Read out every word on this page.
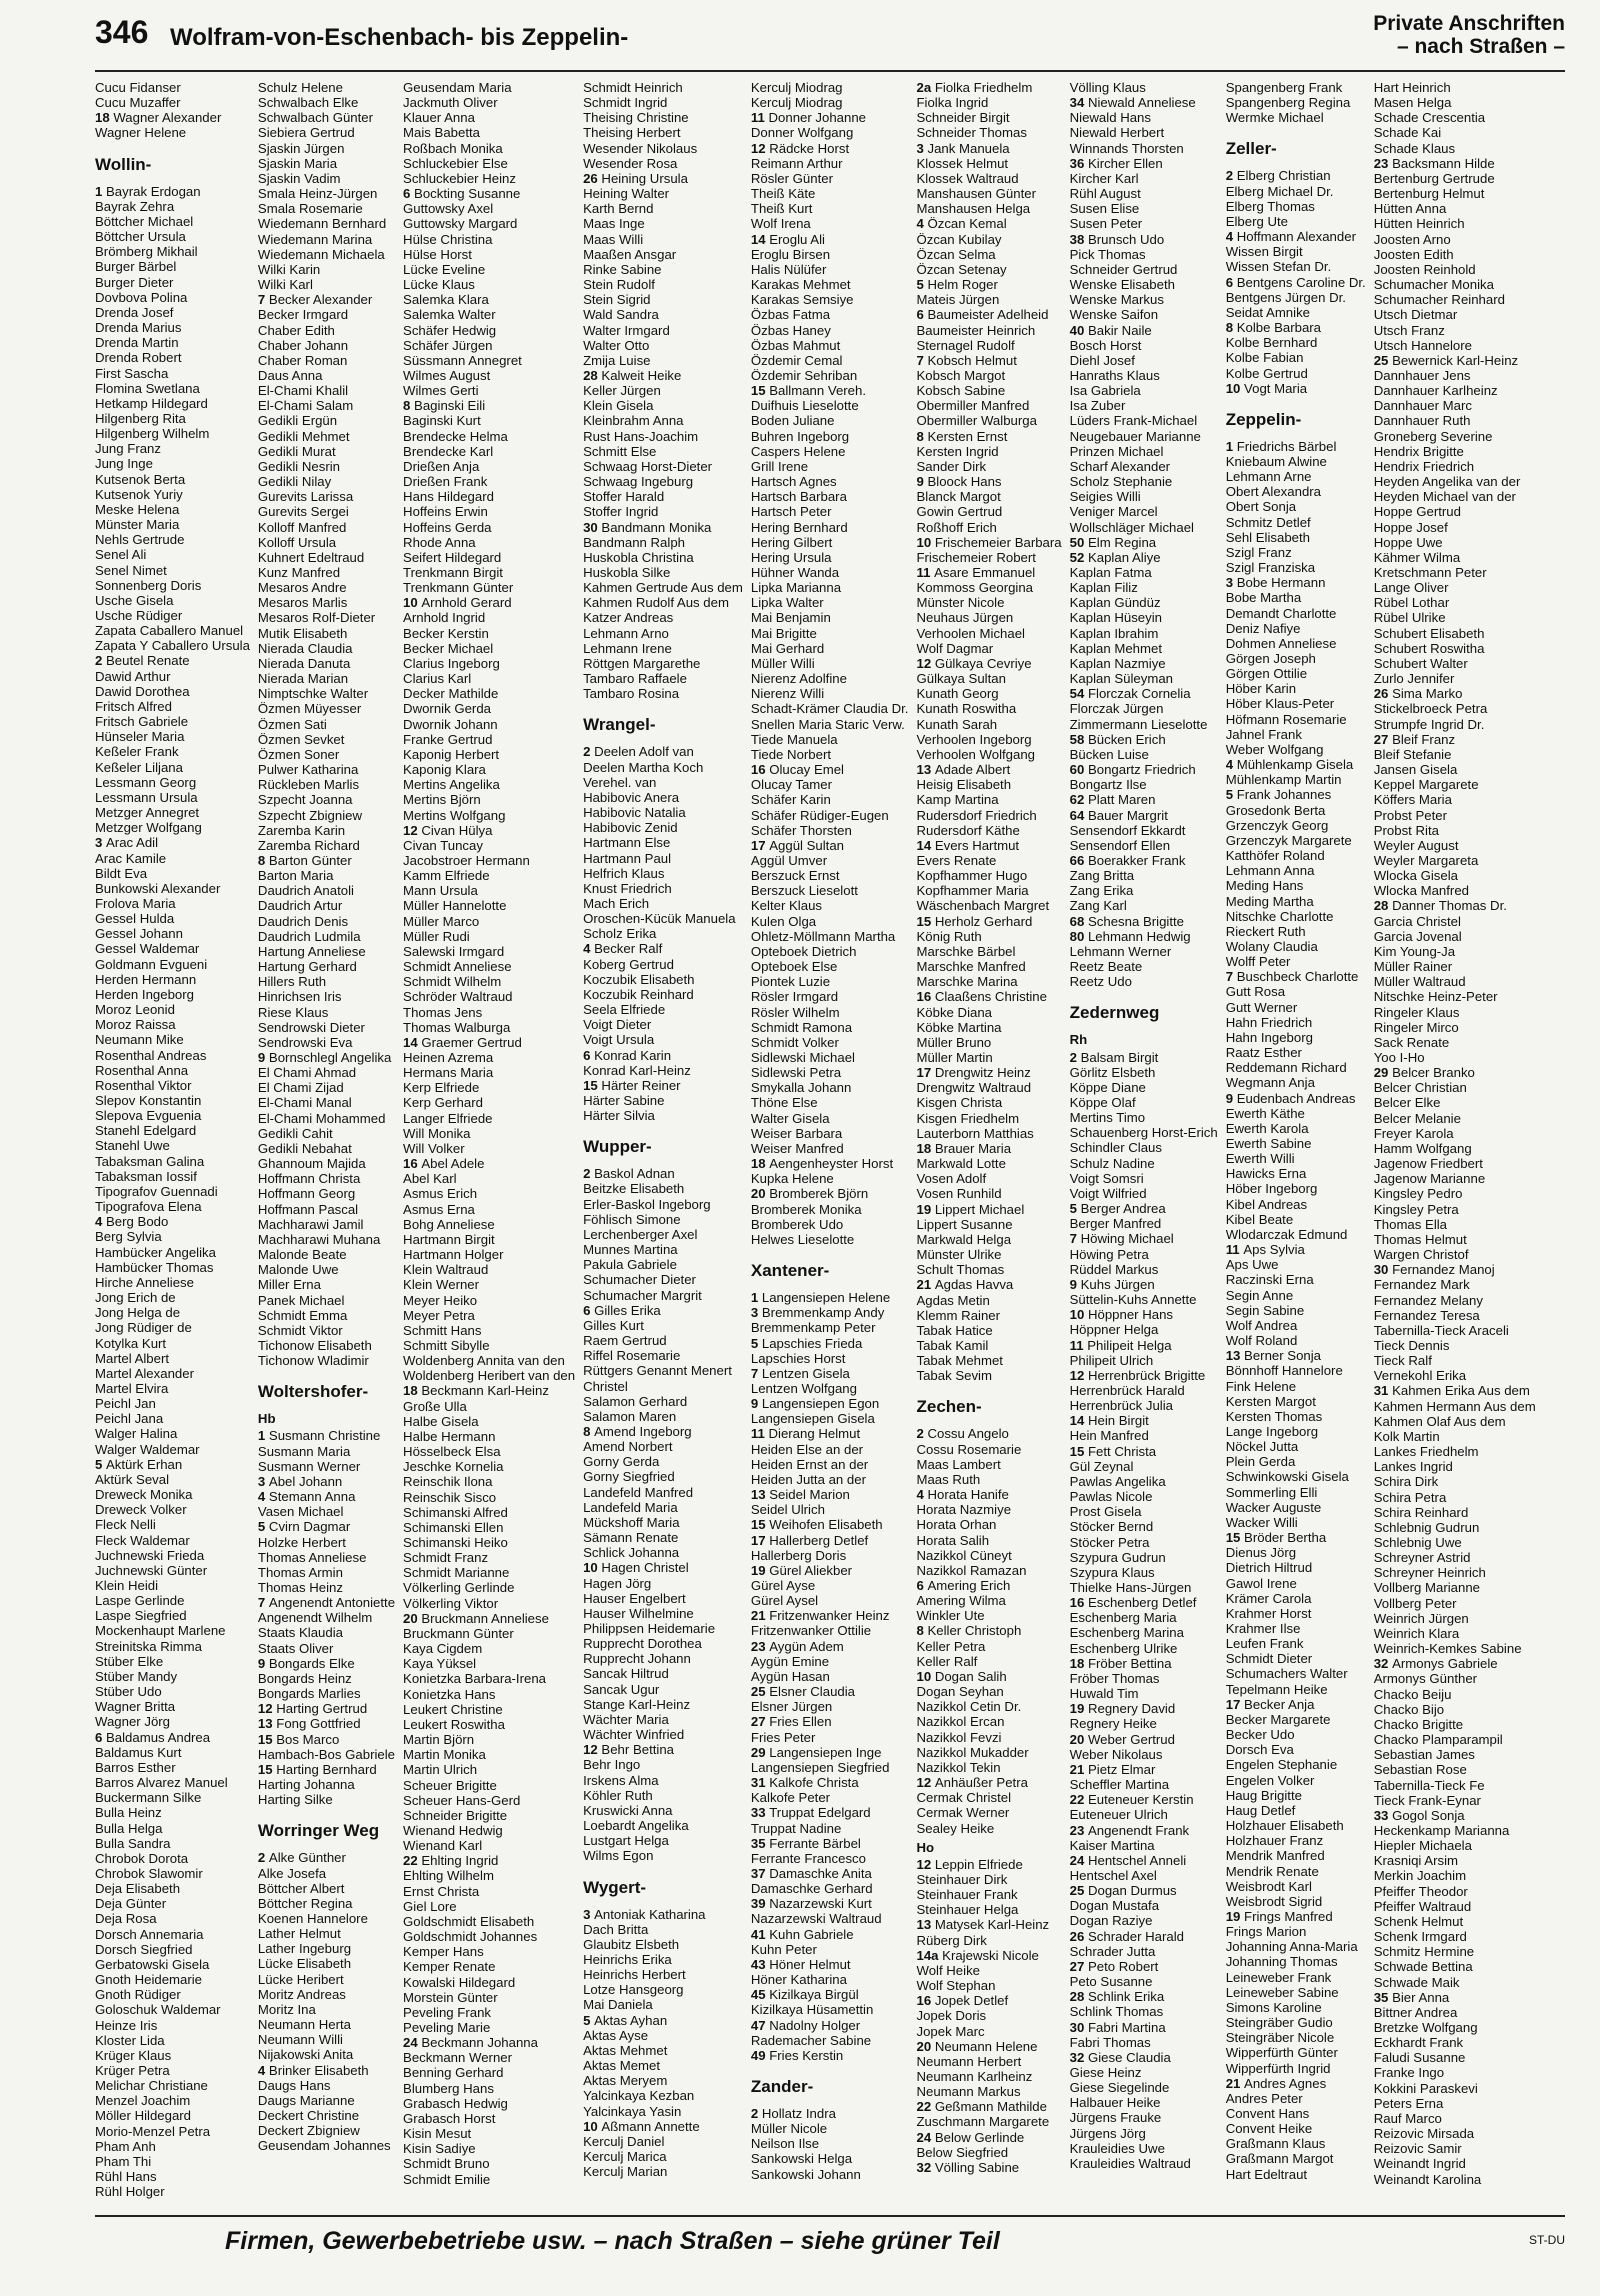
346 Wolfram-von-Eschenbach- bis Zeppelin-
Private Anschriften
– nach Straßen –
Cucu Fidanser
Cucu Muzaffer
18 Wagner Alexander
Wagner Helene
Wollin-
1 Bayrak Erdogan
Bayrak Zehra
Böttcher Michael
Böttcher Ursula
Brömberg Mikhail
Burger Bärbel
Burger Dieter
Dovbova Polina
Drenda Josef
Drenda Marius
Drenda Martin
Drenda Robert
First Sascha
Flomina Swetlana
Hetkamp Hildegard
Hilgenberg Rita
Hilgenberg Wilhelm
Jung Franz
Jung Inge
Kutsenok Berta
Kutsenok Yuriy
Meske Helena
Münster Maria
Nehls Gertrude
Senel Ali
Senel Nimet
Sonnenberg Doris
Usche Gisela
Usche Rüdiger
Zapata Caballero Manuel
Zapata Y Caballero Ursula
2 Beutel Renate
Dawid Arthur
Dawid Dorothea
Fritsch Alfred
Fritsch Gabriele
Hünseler Maria
Keßeler Frank
Keßeler Liljana
Lessmann Georg
Lessmann Ursula
Metzger Annegret
Metzger Wolfgang
3 Arac Adil
Arac Kamile
Bildt Eva
Bunkowski Alexander
Frolova Maria
Gessel Hulda
Gessel Johann
Gessel Waldemar
Goldmann Evgueni
Herden Hermann
Herden Ingeborg
Moroz Leonid
Moroz Raissa
Neumann Mike
Rosenthal Andreas
Rosenthal Anna
Rosenthal Viktor
Slepov Konstantin
Slepova Evguenia
Stanehl Edelgard
Stanehl Uwe
Tabaksman Galina
Tabaksman Iossif
Tipografov Guennadi
Tipografova Elena
4 Berg Bodo
Berg Sylvia
Hambücker Angelika
Hambücker Thomas
Hirche Anneliese
Jong Erich de
Jong Helga de
Jong Rüdiger de
Kotylka Kurt
Martel Albert
Martel Alexander
Martel Elvira
Peichl Jan
Peichl Jana
Walger Halina
Walger Waldemar
5 Aktürk Erhan
Aktürk Seval
Dreweck Monika
Dreweck Volker
Fleck Nelli
Fleck Waldemar
Juchnewski Frieda
Juchnewski Günter
Klein Heidi
Laspe Gerlinde
Laspe Siegfried
Mockenhaupt Marlene
Streinitska Rimma
Stüber Elke
Stüber Mandy
Stüber Udo
Wagner Britta
Wagner Jörg
6 Baldamus Andrea
Baldamus Kurt
Barros Esther
Barros Alvarez Manuel
Buckermann Silke
Bulla Heinz
Bulla Helga
Bulla Sandra
Chrobok Dorota
Chrobok Slawomir
Deja Elisabeth
Deja Günter
Deja Rosa
Dorsch Annemaria
Dorsch Siegfried
Gerbatowski Gisela
Gnoth Heidemarie
Gnoth Rüdiger
Goloschuk Waldemar
Heinze Iris
Kloster Lida
Krüger Klaus
Krüger Petra
Melichar Christiane
Menzel Joachim
Möller Hildegard
Morio-Menzel Petra
Pham Anh
Pham Thi
Rühl Hans
Rühl Holger
Schulz Helene
Schwalbach Elke
Schwalbach Günter
Siebiera Gertrud
Sjaskin Jürgen
Sjaskin Maria
Sjaskin Vadim
Smala Heinz-Jürgen
Smala Rosemarie
Wiedemann Bernhard
Wiedemann Marina
Wiedemann Michaela
Wilki Karin
Wilki Karl
7 Becker Alexander
Becker Irmgard
Chaber Edith
Chaber Johann
Chaber Roman
Daus Anna
El-Chami Khalil
El-Chami Salam
Gedikli Ergün
Gedikli Mehmet
Gedikli Murat
Gedikli Nesrin
Gedikli Nilay
Gurevits Larissa
Gurevits Sergei
Kolloff Manfred
Kolloff Ursula
Kuhnert Edeltraud
Kunz Manfred
Mesaros Andre
Mesaros Marlis
Mesaros Rolf-Dieter
Mutik Elisabeth
Nierada Claudia
Nierada Danuta
Nierada Marian
Nimptschke Walter
Özmen Müyesser
Özmen Sati
Özmen Sevket
Özmen Soner
Pulwer Katharina
Rückleben Marlis
Szpecht Joanna
Szpecht Zbigniew
Zaremba Karin
Zaremba Richard
8 Barton Günter
Barton Maria
Daudrich Anatoli
Daudrich Artur
Daudrich Denis
Daudrich Ludmila
Hartung Anneliese
Hartung Gerhard
Hillers Ruth
Hinrichsen Iris
Riese Klaus
Sendrowski Dieter
Sendrowski Eva
9 Bornschlegl Angelika
El Chami Ahmad
El Chami Zijad
El-Chami Manal
El-Chami Mohammed
Gedikli Cahit
Gedikli Nebahat
Ghannoum Majida
Hoffmann Christa
Hoffmann Georg
Hoffmann Pascal
Machharawi Jamil
Machharawi Muhana
Malonde Beate
Malonde Uwe
Miller Erna
Panek Michael
Schmidt Emma
Schmidt Viktor
Tichonow Elisabeth
Tichonow Wladimir
Woltershofer-
Hb
1 Susmann Christine
Susmann Maria
Susmann Werner
3 Abel Johann
4 Stemann Anna
Vasen Michael
5 Cvirn Dagmar
Holzke Herbert
Thomas Anneliese
Thomas Armin
Thomas Heinz
7 Angenendt Antoniette
Angenendt Wilhelm
Staats Klaudia
Staats Oliver
9 Bongards Elke
Bongards Heinz
Bongards Marlies
12 Harting Gertrud
13 Fong Gottfried
15 Bos Marco
Hambach-Bos Gabriele
15 Harting Bernhard
Harting Johanna
Harting Silke
Worringer Weg
2 Alke Günther
Alke Josefa
Böttcher Albert
Böttcher Regina
Koenen Hannelore
Lather Helmut
Lather Ingeburg
Lücke Elisabeth
Lücke Heribert
Moritz Andreas
Moritz Ina
Neumann Herta
Neumann Willi
Nijakowski Anita
4 Brinker Elisabeth
Daugs Hans
Daugs Marianne
Deckert Christine
Deckert Zbigniew
Geusendam Johannes
Geusendam Maria
Jackmuth Oliver
Klauer Anna
Mais Babetta
Roßbach Monika
Schluckebier Else
Schluckebier Heinz
6 Bockting Susanne
Guttowsky Axel
Guttowsky Margard
Hülse Christina
Hülse Horst
Lücke Eveline
Lücke Klaus
Salemka Klara
Salemka Walter
Schäfer Hedwig
Schäfer Jürgen
Süssmann Annegret
Wilmes August
Wilmes Gerti
8 Baginski Eili
Baginski Kurt
Brendecke Helma
Brendecke Karl
Drießen Anja
Drießen Frank
Hans Hildegard
Hoffeins Erwin
Hoffeins Gerda
Rhode Anna
Seifert Hildegard
Trenkmann Birgit
Trenkmann Günter
10 Arnhold Gerard
Arnhold Ingrid
Becker Kerstin
Becker Michael
Clarius Ingeborg
Clarius Karl
Decker Mathilde
Dwornik Gerda
Dwornik Johann
Franke Gertrud
Kaponig Herbert
Kaponig Klara
Mertins Angelika
Mertins Björn
Mertins Wolfgang
12 Civan Hülya
Civan Tuncay
Jacobstroer Hermann
Kamm Elfriede
Mann Ursula
Müller Hannelotte
Müller Marco
Müller Rudi
Salewski Irmgard
Schmidt Anneliese
Schmidt Wilhelm
Schröder Waltraud
Thomas Jens
Thomas Walburga
14 Graemer Gertrud
Heinen Azrema
Hermans Maria
Kerp Elfriede
Kerp Gerhard
Langer Elfriede
Will Monika
Will Volker
16 Abel Adele
Abel Karl
Asmus Erich
Asmus Erna
Bohg Anneliese
Hartmann Birgit
Hartmann Holger
Klein Waltraud
Klein Werner
Meyer Heiko
Meyer Petra
Schmitt Hans
Schmitt Sibylle
Woldenberg Annita van den
Woldenberg Heribert van den
18 Beckmann Karl-Heinz
Große Ulla
Halbe Gisela
Halbe Hermann
Hösselbeck Elsa
Jeschke Kornelia
Reinschik Ilona
Reinschik Sisco
Schimanski Alfred
Schimanski Ellen
Schimanski Heiko
Schmidt Franz
Schmidt Marianne
Völkerling Gerlinde
Völkerling Viktor
20 Bruckmann Anneliese
Bruckmann Günter
Kaya Cigdem
Kaya Yüksel
Konietzka Barbara-Irena
Konietzka Hans
Leukert Christine
Leukert Roswitha
Martin Björn
Martin Monika
Martin Ulrich
Scheuer Brigitte
Scheuer Hans-Gerd
Schneider Brigitte
Wienand Hedwig
Wienand Karl
22 Ehlting Ingrid
Ehlting Wilhelm
Ernst Christa
Giel Lore
Goldschmidt Elisabeth
Goldschmidt Johannes
Kemper Hans
Kemper Renate
Kowalski Hildegard
Morstein Günter
Peveling Frank
Peveling Marie
24 Beckmann Johanna
Beckmann Werner
Benning Gerhard
Blumberg Hans
Grabasch Hedwig
Grabasch Horst
Kisin Mesut
Kisin Sadiye
Schmidt Bruno
Schmidt Emilie
Schmidt Heinrich
Schmidt Ingrid
Theising Christine
Theising Herbert
Wesender Nikolaus
Wesender Rosa
26 Heining Ursula
Heining Walter
Karth Bernd
Maas Inge
Maas Willi
Maaßen Ansgar
Rinke Sabine
Stein Rudolf
Stein Sigrid
Wald Sandra
Walter Irmgard
Walter Otto
Zmija Luise
28 Kalweit Heike
Keller Jürgen
Klein Gisela
Kleinbrahm Anna
Rust Hans-Joachim
Schmitt Else
Schwaag Horst-Dieter
Schwaag Ingeburg
Stoffer Harald
Stoffer Ingrid
30 Bandmann Monika
Bandmann Ralph
Huskobla Christina
Huskobla Silke
Kahmen Gertrude Aus dem
Kahmen Rudolf Aus dem
Katzer Andreas
Lehmann Arno
Lehmann Irene
Röttgen Margarethe
Tambaro Raffaele
Tambaro Rosina
Wrangel-
2 Deelen Adolf van
Deelen Martha Koch
Verehel. van
Habibovic Anera
Habibovic Natalia
Habibovic Zenid
Hartmann Else
Hartmann Paul
Helfrich Klaus
Knust Friedrich
Mach Erich
Oroschen-Kücük Manuela
Scholz Erika
4 Becker Ralf
Koberg Gertrud
Koczubik Elisabeth
Koczubik Reinhard
Seela Elfriede
Voigt Dieter
Voigt Ursula
6 Konrad Karin
Konrad Karl-Heinz
15 Härter Reiner
Härter Sabine
Härter Silvia
Wupper-
2 Baskol Adnan
Beitzke Elisabeth
Erler-Baskol Ingeborg
Föhlisch Simone
Lerchenberger Axel
Munnes Martina
Pakula Gabriele
Schumacher Dieter
Schumacher Margrit
6 Gilles Erika
Gilles Kurt
Raem Gertrud
Riffel Rosemarie
Rüttgers Genannt Menert
Christel
Salamon Gerhard
Salamon Maren
8 Amend Ingeborg
Amend Norbert
Gorny Gerda
Gorny Siegfried
Landefeld Manfred
Landefeld Maria
Mückshoff Maria
Sämann Renate
Schlick Johanna
10 Hagen Christel
Hagen Jörg
Hauser Engelbert
Hauser Wilhelmine
Philippsen Heidemarie
Rupprecht Dorothea
Rupprecht Johann
Sancak Hiltrud
Sancak Ugur
Stange Karl-Heinz
Wächter Maria
Wächter Winfried
12 Behr Bettina
Behr Ingo
Irskens Alma
Köhler Ruth
Kruswicki Anna
Loebardt Angelika
Lustgart Helga
Wilms Egon
Wygert-
3 Antoniak Katharina
Dach Britta
Glaubitz Elsbeth
Heinrichs Erika
Heinrichs Herbert
Lotze Hansgeorg
Mai Daniela
5 Aktas Ayhan
Aktas Ayse
Aktas Mehmet
Aktas Memet
Aktas Meryem
Yalcinkaya Kezban
Yalcinkaya Yasin
10 Aßmann Annette
Kerculj Daniel
Kerculj Marica
Kerculj Marian
Kerculj Miodrag
Kerculj Miodrag
11 Donner Johanne
Donner Wolfgang
12 Rädcke Horst
Reimann Arthur
Rösler Günter
Theiß Käte
Theiß Kurt
Wolf Irena
14 Eroglu Ali
Eroglu Birsen
Halis Nülüfer
Karakas Mehmet
Karakas Semsiye
Özbas Fatma
Özbas Haney
Özbas Mahmut
Özdemir Cemal
Özdemir Sehriban
15 Ballmann Vereh.
Duifhuis Lieselotte
Boden Juliane
Buhren Ingeborg
Caspers Helene
Grill Irene
Hartsch Agnes
Hartsch Barbara
Hartsch Peter
Hering Bernhard
Hering Gilbert
Hering Ursula
Hühner Wanda
Lipka Marianna
Lipka Walter
Mai Benjamin
Mai Brigitte
Mai Gerhard
Müller Willi
Nierenz Adolfine
Nierenz Willi
Schadt-Krämer Claudia Dr.
Snellen Maria Staric Verw.
Tiede Manuela
Tiede Norbert
16 Olucay Emel
Olucay Tamer
Schäfer Karin
Schäfer Rüdiger-Eugen
Schäfer Thorsten
17 Aggül Sultan
Aggül Umver
Berszuck Ernst
Berszuck Lieselott
Kelter Klaus
Kulen Olga
Ohletz-Möllmann Martha
Opteboek Dietrich
Opteboek Else
Piontek Luzie
Rösler Irmgard
Rösler Wilhelm
Schmidt Ramona
Schmidt Volker
Sidlewski Michael
Sidlewski Petra
Smykalla Johann
Thöne Else
Walter Gisela
Weiser Barbara
Weiser Manfred
18 Aengenheyster Horst
Kupka Helene
20 Bromberek Björn
Bromberek Monika
Bromberek Udo
Helwes Lieselotte
Xantener-
1 Langensiepen Helene
3 Bremmenkamp Andy
Bremmenkamp Peter
5 Lapschies Frieda
Lapschies Horst
7 Lentzen Gisela
Lentzen Wolfgang
9 Langensiepen Egon
Langensiepen Gisela
11 Dierang Helmut
Heiden Else an der
Heiden Ernst an der
Heiden Jutta an der
13 Seidel Marion
Seidel Ulrich
15 Weihofen Elisabeth
17 Hallerberg Detlef
Hallerberg Doris
19 Gürel Aliekber
Gürel Ayse
Gürel Aysel
21 Fritzenwanker Heinz
Fritzenwanker Ottilie
23 Aygün Adem
Aygün Emine
Aygün Hasan
25 Elsner Claudia
Elsner Jürgen
27 Fries Ellen
Fries Peter
29 Langensiepen Inge
Langensiepen Siegfried
31 Kalkofe Christa
Kalkofe Peter
33 Truppat Edelgard
Truppat Nadine
35 Ferrante Bärbel
Ferrante Francesco
37 Damaschke Anita
Damaschke Gerhard
39 Nazarzewski Kurt
Nazarzewski Waltraud
41 Kuhn Gabriele
Kuhn Peter
43 Höner Helmut
Höner Katharina
45 Kizilkaya Birgül
Kizilkaya Hüsamettin
47 Nadolny Holger
Rademacher Sabine
49 Fries Kerstin
Zander-
2 Hollatz Indra
Müller Nicole
Neilson Ilse
Sankowski Helga
Sankowski Johann
2a Fiolka Friedhelm
Fiolka Ingrid
Schneider Birgit
Schneider Thomas
3 Jank Manuela
Klossek Helmut
Klossek Waltraud
Manshausen Günter
Manshausen Helga
4 Özcan Kemal
Özcan Kubilay
Özcan Selma
Özcan Setenay
5 Helm Roger
Mateis Jürgen
6 Baumeister Adelheid
Baumeister Heinrich
Sternagel Rudolf
7 Kobsch Helmut
Kobsch Margot
Kobsch Sabine
Obermiller Manfred
Obermiller Walburga
8 Kersten Ernst
Kersten Ingrid
Sander Dirk
9 Bloock Hans
Blanck Margot
Gowin Gertrud
Roßhoff Erich
10 Frischemeier Barbara
Frischemeier Robert
11 Asare Emmanuel
Kommoss Georgina
Münster Nicole
Neuhaus Jürgen
Verhoolen Michael
Wolf Dagmar
12 Gülkaya Cevriye
Gülkaya Sultan
Kunath Georg
Kunath Roswitha
Kunath Sarah
Verhoolen Ingeborg
Verhoolen Wolfgang
13 Adade Albert
Heisig Elisabeth
Kamp Martina
Rudersdorf Friedrich
Rudersdorf Käthe
14 Evers Hartmut
Evers Renate
Kopfhammer Hugo
Kopfhammer Maria
Wäschenbach Margret
15 Herholz Gerhard
König Ruth
Marschke Bärbel
Marschke Manfred
Marschke Marina
16 Claaßens Christine
Köbke Diana
Köbke Martina
Müller Bruno
Müller Martin
17 Drengwitz Heinz
Drengwitz Waltraud
Kisgen Christa
Kisgen Friedhelm
Lauterborn Matthias
18 Brauer Maria
Markwald Lotte
Vosen Adolf
Vosen Runhild
19 Lippert Michael
Lippert Susanne
Markwald Helga
Münster Ulrike
Schult Thomas
21 Agdas Havva
Agdas Metin
Klemm Rainer
Tabak Hatice
Tabak Kamil
Tabak Mehmet
Tabak Sevim
Zechen-
2 Cossu Angelo
Cossu Rosemarie
Maas Lambert
Maas Ruth
4 Horata Hanife
Horata Nazmiye
Horata Orhan
Horata Salih
Nazikkol Cüneyt
Nazikkol Ramazan
6 Amering Erich
Amering Wilma
Winkler Ute
8 Keller Christoph
Keller Petra
Keller Ralf
10 Dogan Salih
Dogan Seyhan
Nazikkol Cetin Dr.
Nazikkol Ercan
Nazikkol Fevzi
Nazikkol Mukadder
Nazikkol Tekin
12 Anhäußer Petra
Cermak Christel
Cermak Werner
Sealey Heike
Ho
12 Leppin Elfriede
Steinhauer Dirk
Steinhauer Frank
Steinhauer Helga
13 Matysek Karl-Heinz
Rüberg Dirk
14a Krajewski Nicole
Wolf Heike
Wolf Stephan
16 Jopek Detlef
Jopek Doris
Jopek Marc
20 Neumann Helene
Neumann Herbert
Neumann Karlheinz
Neumann Markus
22 Geßmann Mathilde
Zuschmann Margarete
24 Below Gerlinde
Below Siegfried
32 Völling Sabine
Völling Klaus
34 Niewald Anneliese
Niewald Hans
Niewald Herbert
Winnands Thorsten
36 Kircher Ellen
Kircher Karl
Rühl August
Susen Elise
Susen Peter
38 Brunsch Udo
Pick Thomas
Schneider Gertrud
Wenske Elisabeth
Wenske Markus
Wenske Saifon
40 Bakir Naile
Bosch Horst
Diehl Josef
Hanraths Klaus
Isa Gabriela
Isa Zuber
Lüders Frank-Michael
Neugebauer Marianne
Prinzen Michael
Scharf Alexander
Scholz Stephanie
Seigies Willi
Veniger Marcel
Wollschläger Michael
50 Elm Regina
52 Kaplan Aliye
Kaplan Fatma
Kaplan Filiz
Kaplan Gündüz
Kaplan Hüseyin
Kaplan Ibrahim
Kaplan Mehmet
Kaplan Nazmiye
Kaplan Süleyman
54 Florczak Cornelia
Florczak Jürgen
Zimmermann Lieselotte
58 Bücken Erich
Bücken Luise
60 Bongartz Friedrich
Bongartz Ilse
62 Platt Maren
64 Bauer Margrit
Sensendorf Ekkardt
Sensendorf Ellen
66 Boerakker Frank
Zang Britta
Zang Erika
Zang Karl
68 Schesna Brigitte
80 Lehmann Hedwig
Lehmann Werner
Reetz Beate
Reetz Udo
Zedernweg
Rh
2 Balsam Birgit
Görlitz Elsbeth
Köppe Diane
Köppe Olaf
Mertins Timo
Schauenberg Horst-Erich
Schindler Claus
Schulz Nadine
Voigt Somsri
Voigt Wilfried
5 Berger Andrea
Berger Manfred
7 Höwing Michael
Höwing Petra
Rüddel Markus
9 Kuhs Jürgen
Süttelin-Kuhs Annette
10 Höppner Hans
Höppner Helga
11 Philipeit Helga
Philipeit Ulrich
12 Herrenbrück Brigitte
Herrenbrück Harald
Herrenbrück Julia
14 Hein Birgit
Hein Manfred
15 Fett Christa
Gül Zeynal
Pawlas Angelika
Pawlas Nicole
Prost Gisela
Stöcker Bernd
Stöcker Petra
Szypura Gudrun
Szypura Klaus
Thielke Hans-Jürgen
16 Eschenberg Detlef
Eschenberg Maria
Eschenberg Marina
Eschenberg Ulrike
18 Fröber Bettina
Fröber Thomas
Huwald Tim
19 Regnery David
Regnery Heike
20 Weber Gertrud
Weber Nikolaus
21 Pietz Elmar
Scheffler Martina
22 Euteneuer Kerstin
Euteneuer Ulrich
23 Angenendt Frank
Kaiser Martina
24 Hentschel Anneli
Hentschel Axel
25 Dogan Durmus
Dogan Mustafa
Dogan Raziye
26 Schrader Harald
Schrader Jutta
27 Peto Robert
Peto Susanne
28 Schlink Erika
Schlink Thomas
30 Fabri Martina
Fabri Thomas
32 Giese Claudia
Giese Heinz
Giese Siegelinde
Halbauer Heike
Jürgens Frauke
Jürgens Jörg
Krauleidies Uwe
Krauleidies Waltraud
Spangenberg Frank
Spangenberg Regina
Wermke Michael
Zeller-
2 Elberg Christian
Elberg Michael Dr.
Elberg Thomas
Elberg Ute
4 Hoffmann Alexander
Wissen Birgit
Wissen Stefan Dr.
6 Bentgens Caroline Dr.
Bentgens Jürgen Dr.
Seidat Amnike
8 Kolbe Barbara
Kolbe Bernhard
Kolbe Fabian
Kolbe Gertrud
10 Vogt Maria
Zeppelin-
1 Friedrichs Bärbel
Kniebaum Alwine
Lehmann Arne
Obert Alexandra
Obert Sonja
Schmitz Detlef
Sehl Elisabeth
Szigl Franz
Szigl Franziska
3 Bobe Hermann
Bobe Martha
Demandt Charlotte
Deniz Nafiye
Dohmen Anneliese
Görgen Joseph
Görgen Ottilie
Höber Karin
Höber Klaus-Peter
Höfmann Rosemarie
Jahnel Frank
Weber Wolfgang
4 Mühlenkamp Gisela
Mühlenkamp Martin
5 Frank Johannes
Grosedonk Berta
Grzenczyk Georg
Grzenczyk Margarete
Katthöfer Roland
Lehmann Anna
Meding Hans
Meding Martha
Nitschke Charlotte
Rieckert Ruth
Wolany Claudia
Wolff Peter
7 Buschbeck Charlotte
Gutt Rosa
Gutt Werner
Hahn Friedrich
Hahn Ingeborg
Raatz Esther
Reddemann Richard
Wegmann Anja
9 Eudenbach Andreas
Ewerth Käthe
Ewerth Karola
Ewerth Sabine
Ewerth Willi
Hawicks Erna
Höber Ingeborg
Kibel Andreas
Kibel Beate
Wlodarczak Edmund
11 Aps Sylvia
Aps Uwe
Raczinski Erna
Segin Anne
Segin Sabine
Wolf Andrea
Wolf Roland
13 Berner Sonja
Bönnhoff Hannelore
Fink Helene
Kersten Margot
Kersten Thomas
Lange Ingeborg
Nöckel Jutta
Plein Gerda
Schwinkowski Gisela
Sommerling Elli
Wacker Auguste
Wacker Willi
15 Bröder Bertha
Dienus Jörg
Dietrich Hiltrud
Gawol Irene
Krämer Carola
Krahmer Horst
Krahmer Ilse
Leufen Frank
Schmidt Dieter
Schumachers Walter
Tepelmann Heike
17 Becker Anja
Becker Margarete
Becker Udo
Dorsch Eva
Engelen Stephanie
Engelen Volker
Haug Brigitte
Haug Detlef
Holzhauer Elisabeth
Holzhauer Franz
Mendrik Manfred
Mendrik Renate
Weisbrodt Karl
Weisbrodt Sigrid
19 Frings Manfred
Frings Marion
Johanning Anna-Maria
Johanning Thomas
Leineweber Frank
Leineweber Sabine
Simons Karoline
Steingräber Gudio
Steingräber Nicole
Wipperfürth Günter
Wipperfürth Ingrid
21 Andres Agnes
Andres Peter
Convent Hans
Convent Heike
Graßmann Klaus
Graßmann Margot
Hart Edeltraut
Hart Heinrich
Masen Helga
Schade Crescentia
Schade Kai
Schade Klaus
23 Backsmann Hilde
Bertenburg Gertrude
Bertenburg Helmut
Hütten Anna
Hütten Heinrich
Joosten Arno
Joosten Edith
Joosten Reinhold
Schumacher Monika
Schumacher Reinhard
Utsch Dietmar
Utsch Franz
Utsch Hannelore
25 Bewernick Karl-Heinz
Dannhauer Jens
Dannhauer Karlheinz
Dannhauer Marc
Dannhauer Ruth
Groneberg Severine
Hendrix Brigitte
Hendrix Friedrich
Heyden Angelika van der
Heyden Michael van der
Hoppe Gertrud
Hoppe Josef
Hoppe Uwe
Kähmer Wilma
Kretschmann Peter
Lange Oliver
Rübel Lothar
Rübel Ulrike
Schubert Elisabeth
Schubert Roswitha
Schubert Walter
Zurlo Jennifer
26 Sima Marko
Stickelbroeck Petra
Strumpfe Ingrid Dr.
27 Bleif Franz
Bleif Stefanie
Jansen Gisela
Keppel Margarete
Köffers Maria
Probst Peter
Probst Rita
Weyler August
Weyler Margareta
Wlocka Gisela
Wlocka Manfred
28 Danner Thomas Dr.
Garcia Christel
Garcia Jovenal
Kim Young-Ja
Müller Rainer
Müller Waltraud
Nitschke Heinz-Peter
Ringeler Klaus
Ringeler Mirco
Sack Renate
Yoo I-Ho
29 Belcer Branko
Belcer Christian
Belcer Elke
Belcer Melanie
Freyer Karola
Hamm Wolfgang
Jagenow Friedbert
Jagenow Marianne
Kingsley Pedro
Kingsley Petra
Thomas Ella
Thomas Helmut
Wargen Christof
30 Fernandez Manoj
Fernandez Mark
Fernandez Melany
Fernandez Teresa
Tabernilla-Tieck Araceli
Tieck Dennis
Tieck Ralf
Vernekohl Erika
31 Kahmen Erika Aus dem
Kahmen Hermann Aus dem
Kahmen Olaf Aus dem
Kolk Martin
Lankes Friedhelm
Lankes Ingrid
Schira Dirk
Schira Petra
Schira Reinhard
Schlebnig Gudrun
Schlebnig Uwe
Schreyner Astrid
Schreyner Heinrich
Vollberg Marianne
Vollberg Peter
Weinrich Jürgen
Weinrich Klara
Weinrich-Kemkes Sabine
32 Armonys Gabriele
Armonys Günther
Chacko Beiju
Chacko Bijo
Chacko Brigitte
Chacko Plamparampil
Sebastian James
Sebastian Rose
Tabernilla-Tieck Fe
Tieck Frank-Eynar
33 Gogol Sonja
Heckenkamp Marianna
Hiepler Michaela
Krasniqi Arsim
Merkin Joachim
Pfeiffer Theodor
Pfeiffer Waltraud
Schenk Helmut
Schenk Irmgard
Schmitz Hermine
Schwade Bettina
Schwade Maik
35 Bier Anna
Bittner Andrea
Bretzke Wolfgang
Eckhardt Frank
Faludi Susanne
Franke Ingo
Kokkini Paraskevi
Peters Erna
Rauf Marco
Reizovic Mirsada
Reizovic Samir
Weinandt Ingrid
Weinandt Karolina
Firmen, Gewerbebetriebe usw. – nach Straßen – siehe grüner Teil	ST-DU
